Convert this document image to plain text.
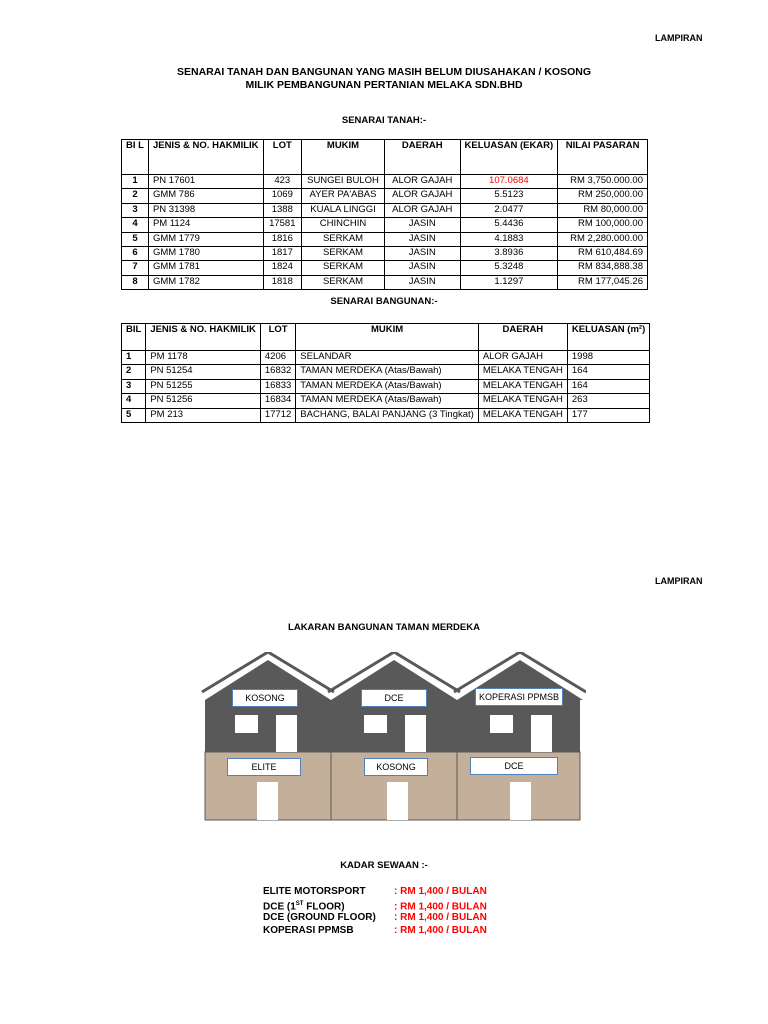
LAMPIRAN
SENARAI TANAH DAN BANGUNAN YANG MASIH BELUM DIUSAHAKAN / KOSONG
MILIK PEMBANGUNAN PERTANIAN MELAKA SDN.BHD
SENARAI TANAH:-
BI L	JENIS & NO. HAKMILIK	LOT	MUKIM	DAERAH	KELUASAN (EKAR)	NILAI PASARAN
1	PN 17601	423	SUNGEI BULOH	ALOR GAJAH	107.0684	RM 3,750.000.00
2	GMM 786	1069	AYER PA'ABAS	ALOR GAJAH	5.5123	RM 250,000.00
3	PN 31398	1388	KUALA LINGGI	ALOR GAJAH	2.0477	RM 80,000.00
4	PM 1124	17581	CHINCHIN	JASIN	5.4436	RM 100,000.00
5	GMM 1779	1816	SERKAM	JASIN	4.1883	RM 2,280.000.00
6	GMM 1780	1817	SERKAM	JASIN	3.8936	RM 610,484.69
7	GMM 1781	1824	SERKAM	JASIN	5.3248	RM 834,888.38
8	GMM 1782	1818	SERKAM	JASIN	1.1297	RM 177,045.26
SENARAI BANGUNAN:-
BIL	JENIS & NO. HAKMILIK	LOT	MUKIM	DAERAH	KELUASAN (m²)
1	PM 1178	4206	SELANDAR	ALOR GAJAH	1998
2	PN 51254	16832	TAMAN MERDEKA (Atas/Bawah)	MELAKA TENGAH	164
3	PN 51255	16833	TAMAN MERDEKA (Atas/Bawah)	MELAKA TENGAH	164
4	PN 51256	16834	TAMAN MERDEKA (Atas/Bawah)	MELAKA TENGAH	263
5	PM 213	17712	BACHANG, BALAI PANJANG (3 Tingkat)	MELAKA TENGAH	177
LAMPIRAN
LAKARAN BANGUNAN TAMAN MERDEKA
KOSONG	DCE	KOPERASI PPMSB
ELITE	KOSONG	DCE
KADAR SEWAAN :-
ELITE MOTORSPORT	: RM 1,400 / BULAN
DCE (1ST FLOOR)	: RM 1,400 / BULAN
DCE (GROUND FLOOR) : RM 1,400 / BULAN
KOPERASI PPMSB	: RM 1,400 / BULAN
